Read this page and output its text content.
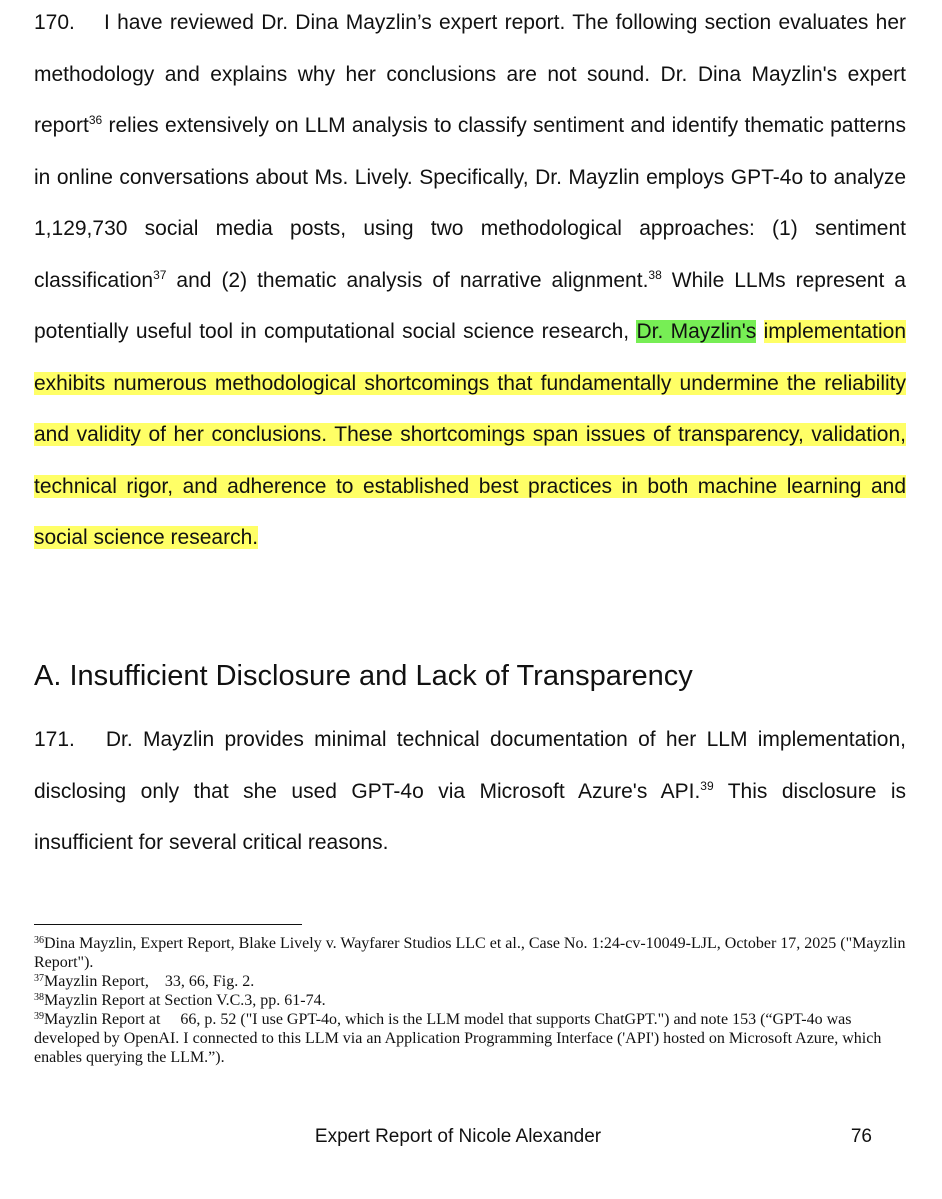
170.    I have reviewed Dr. Dina Mayzlin’s expert report. The following section evaluates her methodology and explains why her conclusions are not sound. Dr. Dina Mayzlin's expert report$^{36}$ relies extensively on LLM analysis to classify sentiment and identify thematic patterns in online conversations about Ms. Lively. Specifically, Dr. Mayzlin employs GPT-4o to analyze 1,129,730 social media posts, using two methodological approaches: (1) sentiment classification$^{37}$ and (2) thematic analysis of narrative alignment.$^{38}$ While LLMs represent a potentially useful tool in computational social science research, Dr. Mayzlin's implementation exhibits numerous methodological shortcomings that fundamentally undermine the reliability and validity of her conclusions. These shortcomings span issues of transparency, validation, technical rigor, and adherence to established best practices in both machine learning and social science research.

A. Insufficient Disclosure and Lack of Transparency

171.   Dr. Mayzlin provides minimal technical documentation of her LLM implementation, disclosing only that she used GPT-4o via Microsoft Azure's API.$^{39}$ This disclosure is insufficient for several critical reasons.

$^{36}$Dina Mayzlin, Expert Report, Blake Lively v. Wayfarer Studios LLC et al., Case No. 1:24-cv-10049-LJL, October 17, 2025 ("Mayzlin Report").

$^{37}$Mayzlin Report,    33, 66, Fig. 2.

$^{38}$Mayzlin Report at Section V.C.3, pp. 61-74.

$^{39}$Mayzlin Report at     66, p. 52 ("I use GPT-4o, which is the LLM model that supports ChatGPT.") and note 153 (“GPT-4o was developed by OpenAI. I connected to this LLM via an Application Programming Interface ('API') hosted on Microsoft Azure, which enables querying the LLM.”).

Expert Report of Nicole Alexander	76
